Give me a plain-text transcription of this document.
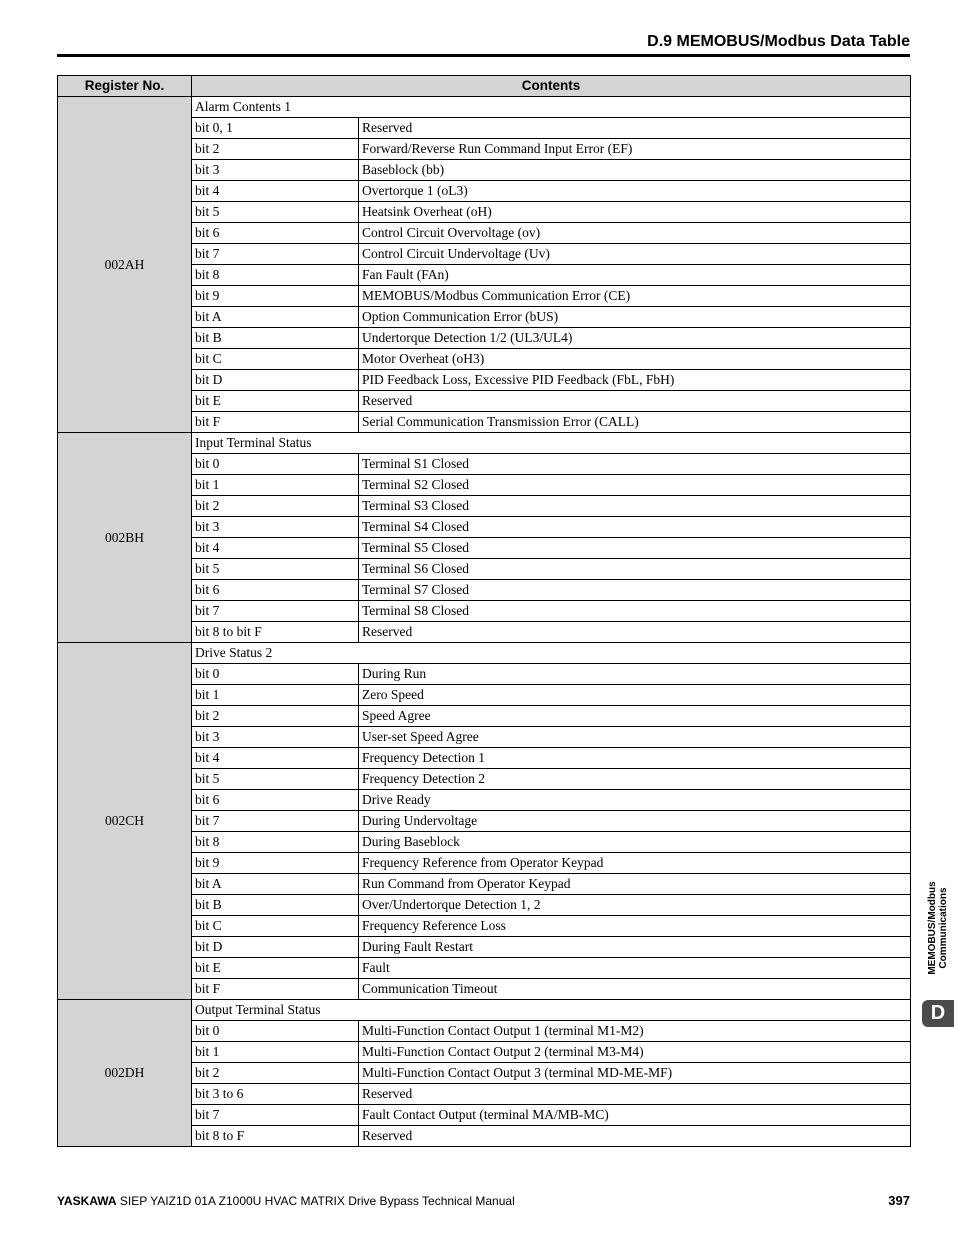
D.9 MEMOBUS/Modbus Data Table
Register No.	Contents	
002AH	Alarm Contents 1	
	bit 0, 1	Reserved
	bit 2	Forward/Reverse Run Command Input Error (EF)
	bit 3	Baseblock (bb)
	bit 4	Overtorque 1 (oL3)
	bit 5	Heatsink Overheat (oH)
	bit 6	Control Circuit Overvoltage (ov)
	bit 7	Control Circuit Undervoltage (Uv)
	bit 8	Fan Fault (FAn)
	bit 9	MEMOBUS/Modbus Communication Error (CE)
	bit A	Option Communication Error (bUS)
	bit B	Undertorque Detection 1/2 (UL3/UL4)
	bit C	Motor Overheat (oH3)
	bit D	PID Feedback Loss, Excessive PID Feedback (FbL, FbH)
	bit E	Reserved
	bit F	Serial Communication Transmission Error (CALL)
002BH	Input Terminal Status	
	bit 0	Terminal S1 Closed
	bit 1	Terminal S2 Closed
	bit 2	Terminal S3 Closed
	bit 3	Terminal S4 Closed
	bit 4	Terminal S5 Closed
	bit 5	Terminal S6 Closed
	bit 6	Terminal S7 Closed
	bit 7	Terminal S8 Closed
	bit 8 to bit F	Reserved
002CH	Drive Status 2	
	bit 0	During Run
	bit 1	Zero Speed
	bit 2	Speed Agree
	bit 3	User-set Speed Agree
	bit 4	Frequency Detection 1
	bit 5	Frequency Detection 2
	bit 6	Drive Ready
	bit 7	During Undervoltage
	bit 8	During Baseblock
	bit 9	Frequency Reference from Operator Keypad
	bit A	Run Command from Operator Keypad
	bit B	Over/Undertorque Detection 1, 2
	bit C	Frequency Reference Loss
	bit D	During Fault Restart
	bit E	Fault
	bit F	Communication Timeout
002DH	Output Terminal Status	
	bit 0	Multi-Function Contact Output 1 (terminal M1-M2)
	bit 1	Multi-Function Contact Output 2 (terminal M3-M4)
	bit 2	Multi-Function Contact Output 3 (terminal MD-ME-MF)
	bit 3 to 6	Reserved
	bit 7	Fault Contact Output (terminal MA/MB-MC)
	bit 8 to F	Reserved
MEMOBUS/Modbus Communications
D
YASKAWA SIEP YAIZ1D 01A Z1000U HVAC MATRIX Drive Bypass Technical Manual	397
